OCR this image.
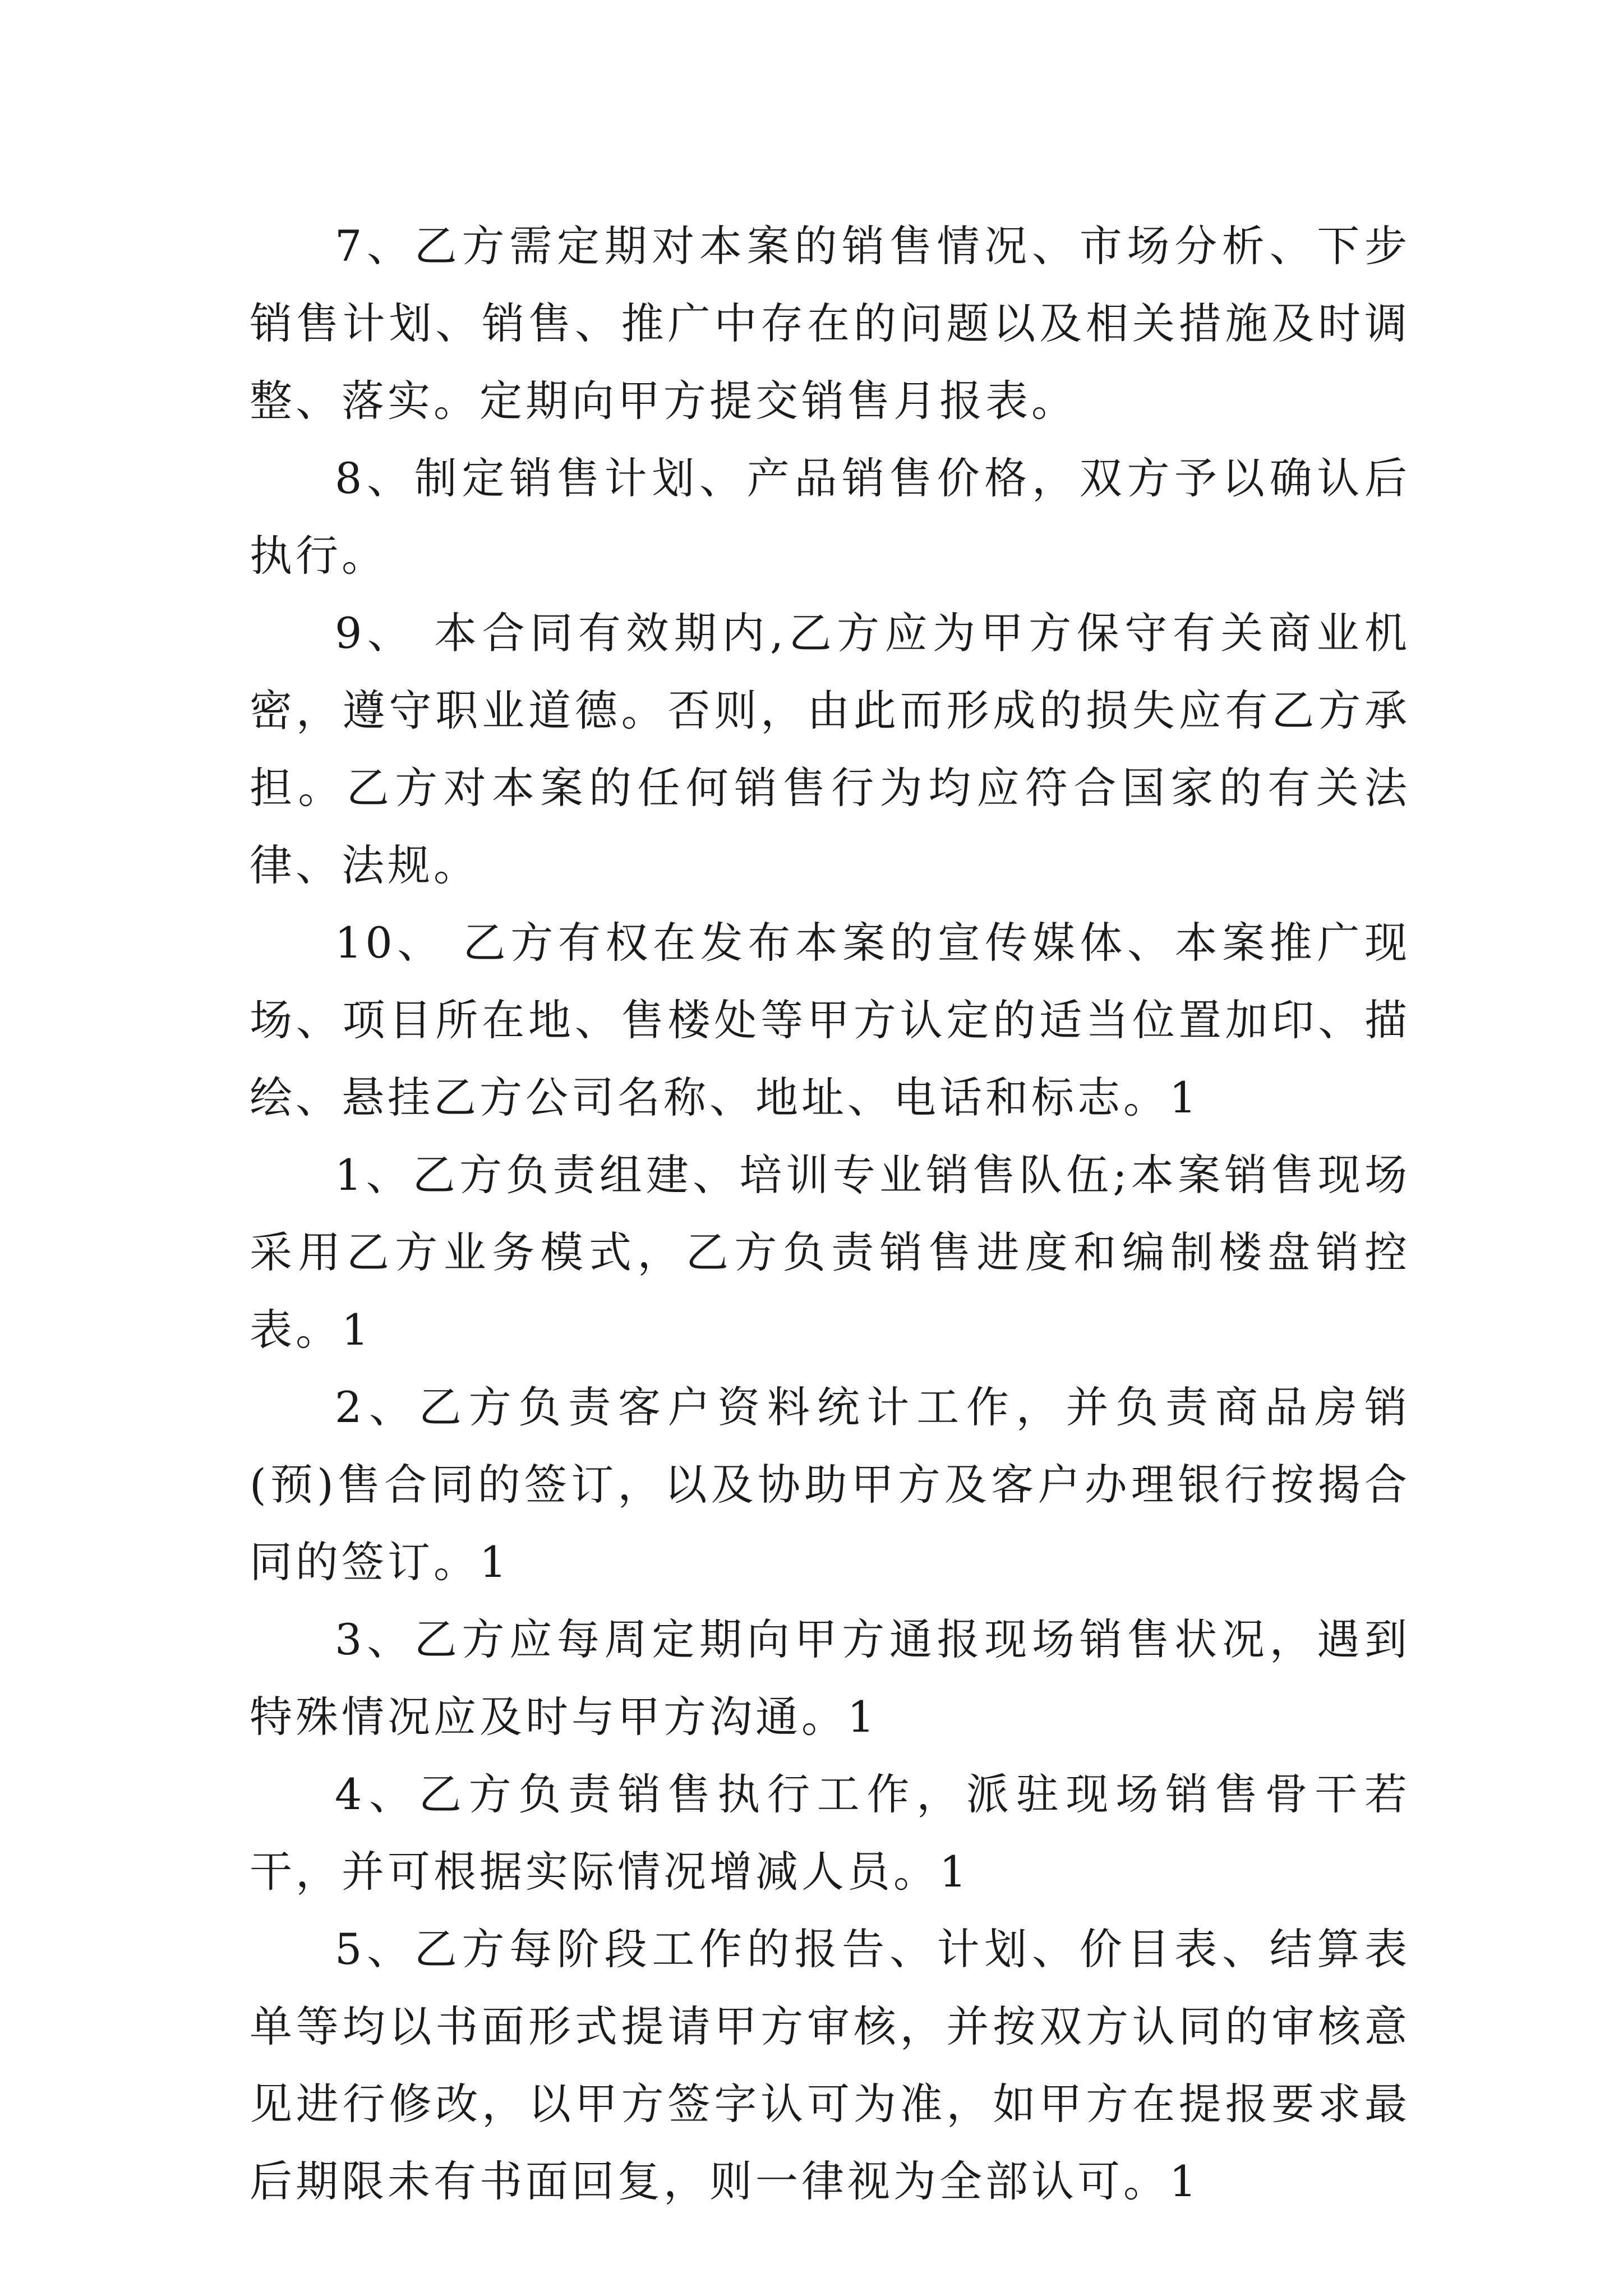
7、乙方需定期对本案的销售情况、市场分析、下步销售计划、销售、推广中存在的问题以及相关措施及时调整、落实。定期向甲方提交销售月报表。

8、制定销售计划、产品销售价格，双方予以确认后执行。

9、 本合同有效期内,乙方应为甲方保守有关商业机密，遵守职业道德。否则，由此而形成的损失应有乙方承担。乙方对本案的任何销售行为均应符合国家的有关法律、法规。

10、 乙方有权在发布本案的宣传媒体、本案推广现场、项目所在地、售楼处等甲方认定的适当位置加印、描绘、悬挂乙方公司名称、地址、电话和标志。1

1、乙方负责组建、培训专业销售队伍;本案销售现场采用乙方业务模式，乙方负责销售进度和编制楼盘销控表。1

2、乙方负责客户资料统计工作，并负责商品房销(预)售合同的签订，以及协助甲方及客户办理银行按揭合同的签订。1

3、乙方应每周定期向甲方通报现场销售状况，遇到特殊情况应及时与甲方沟通。1

4、乙方负责销售执行工作，派驻现场销售骨干若干，并可根据实际情况增减人员。1

5、乙方每阶段工作的报告、计划、价目表、结算表单等均以书面形式提请甲方审核，并按双方认同的审核意见进行修改，以甲方签字认可为准，如甲方在提报要求最后期限未有书面回复，则一律视为全部认可。1
